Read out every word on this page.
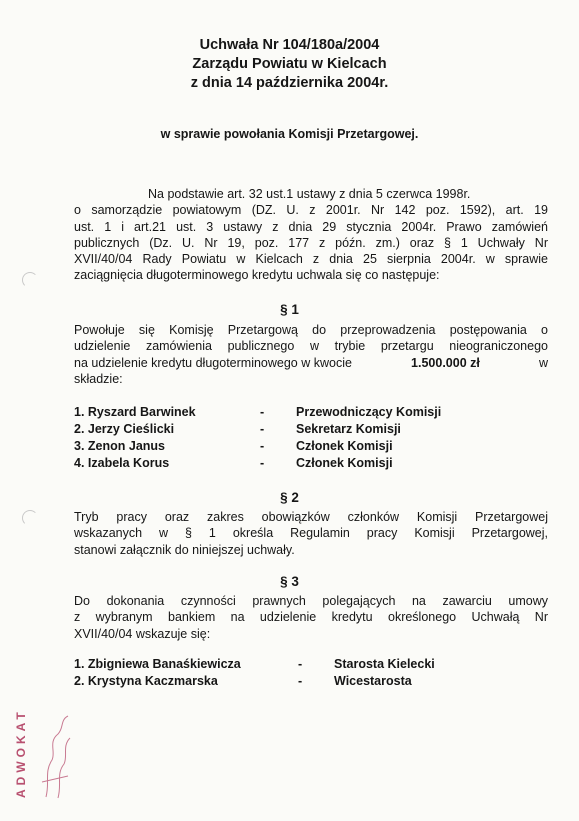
Uchwała Nr 104/180a/2004
Zarządu Powiatu w Kielcach
z dnia 14 października 2004r.
w sprawie powołania Komisji Przetargowej.
Na podstawie art. 32 ust.1 ustawy z dnia 5 czerwca 1998r.
o samorządzie powiatowym (DZ. U. z 2001r. Nr 142 poz. 1592), art. 19
ust. 1 i art.21 ust. 3 ustawy z dnia 29 stycznia 2004r. Prawo zamówień
publicznych (Dz. U. Nr 19, poz. 177 z późn. zm.) oraz § 1 Uchwały Nr
XVII/40/04 Rady Powiatu w Kielcach z dnia 25 sierpnia 2004r. w sprawie
zaciągnięcia długoterminowego kredytu uchwala się co następuje:
§ 1
Powołuje się Komisję Przetargową do przeprowadzenia postępowania o
udzielenie zamówienia publicznego w trybie przetargu nieograniczonego
na udzielenie kredytu długoterminowego w kwocie	1.500.000 zł	w
składzie:
1. Ryszard Barwinek	-	Przewodniczący Komisji
2. Jerzy Cieślicki	-	Sekretarz Komisji
3. Zenon Janus	-	Członek Komisji
4. Izabela Korus	-	Członek Komisji
§ 2
Tryb pracy oraz zakres obowiązków członków Komisji Przetargowej
wskazanych w § 1 określa Regulamin pracy Komisji Przetargowej,
stanowi załącznik do niniejszej uchwały.
§ 3
Do dokonania czynności prawnych polegających na zawarciu umowy
z wybranym bankiem na udzielenie kredytu określonego Uchwałą Nr
XVII/40/04 wskazuje się:
1. Zbigniewa Banaśkiewicza	-	Starosta Kielecki
2. Krystyna Kaczmarska	-	Wicestarosta
ADWOKAT
